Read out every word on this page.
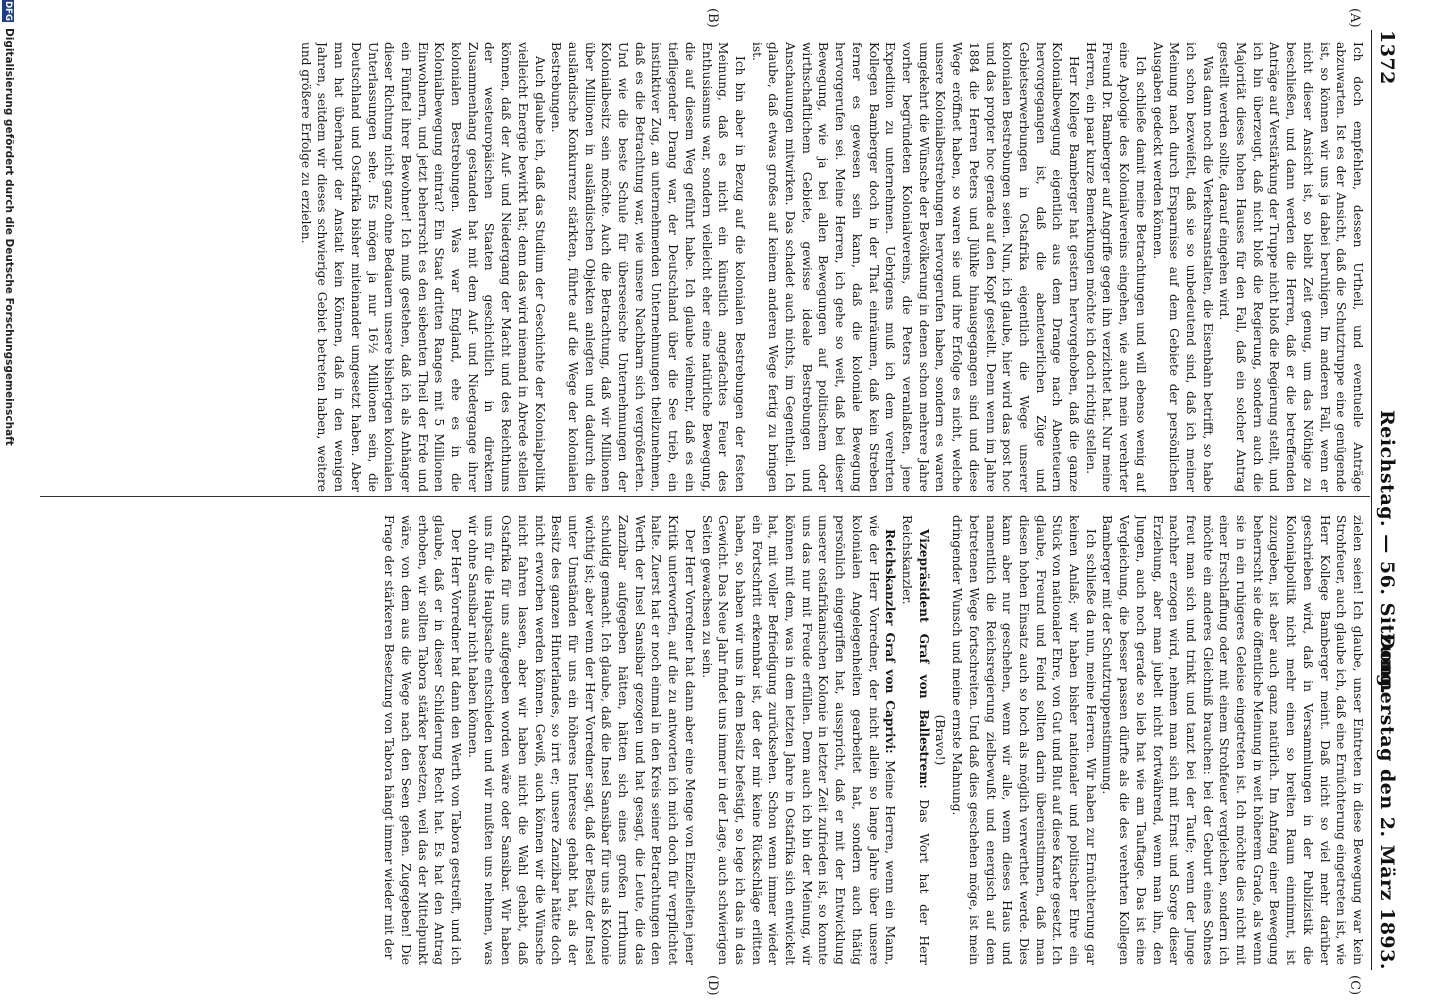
1372
Reichstag. — 56. Sitzung.
Donnerstag den 2. März 1893.
(A)
(B)
(C)
(D)

Ich doch empfehlen, dessen Urtheil, und eventuelle Anträge abzuwarten. Ist es der Ansicht, daß die Schutztruppe eine genügende ist, so können wir uns ja dabei beruhigen. Im anderen Fall, wenn er nicht dieser Ansicht ist, so bleibt Zeit genug, um das Nöthige zu beschließen, und dann werden die Herren, daß er die betreffenden Anträge auf Verstärkung der Truppe nicht bloß die Regierung stellt, und ich bin überzeugt, daß nicht bloß die Regierung, sondern auch die Majorität dieses hohen Hauses für den Fall, daß ein solcher Antrag gestellt werden sollte, darauf eingehen wird.

Was dann noch die Verkehrsanstalten, die Eisenbahn betrifft, so habe ich schon bezweifelt, daß sie so unbedeutend sind, daß ich meiner Meinung nach durch Ersparnisse auf dem Gebiete der persönlichen Ausgaben gedeckt werden können.

Ich schließe damit meine Betrachtungen und will ebenso wenig auf eine Apologie des Kolonialvereins eingehen, wie auch mein verehrter Freund Dr. Bamberger auf Angriffe gegen ihn verzichtet hat. Nur meine Herren, ein paar kurze Bemerkungen möchte ich doch richtig stellen.

Herr Kollege Bamberger hat gestern hervorgehoben, daß die ganze Kolonialbewegung eigentlich aus dem Drange nach Abenteuern hervorgegangen ist, daß die abenteuerlichen Züge und Gebietserwerbungen in Ostafrika eigentlich die Wege unserer kolonialen Bestrebungen seien. Nun, ich glaube, hier wird das post hoc und das propter hoc gerade auf den Kopf gestellt. Denn wenn im Jahre 1884 die Herren Peters und Jühlke hinausgegangen sind und diese Wege eröffnet haben, so waren sie und ihre Erfolge es nicht, welche unsere Kolonialbestrebungen hervorgerufen haben, sondern es waren umgekehrt die Wünsche der Bevölkerung in denen schon mehrere Jahre vorher begründeten Kolonialvereins, die Peters veranlaßten, jene Expedition zu unternehmen. Uebrigens muß ich dem verehrten Kollegen Bamberger doch in der That einräumen, daß kein Streben ferner es gewesen sein kann, daß die koloniale Bewegung hervorgerufen sei. Meine Herren, ich gehe so weit, daß bei dieser Bewegung, wie ja bei allen Bewegungen auf politischem oder wirthschaftlichem Gebiete, gewisse ideale Bestrebungen und Anschauungen mitwirken. Das schadet auch nichts, im Gegentheil. Ich glaube, daß etwas großes auf keinem anderen Wege fertig zu bringen ist.

Ich bin aber in Bezug auf die kolonialen Bestrebungen der festen Meinung, daß es nicht ein künstlich angefachtes Feuer des Enthusiasmus war, sondern vielleicht eher eine natürliche Bewegung, die auf diesem Weg geführt habe. Ich glaube vielmehr, daß es ein tiefliegender Drang war, der Deutschland über die See trieb, ein instinktiver Zug, an unternehmenden Unternehmungen theilzunehmen, daß es die Betrachtung war, wie unsere Nachbarn sich vergrößerten. Und wie die beste Schule für überseeische Unternehmungen der Kolonialbesitz sein möchte. Auch die Betrachtung, daß wir Millionen über Millionen in ausländischen Objekten anlegten und dadurch die ausländische Konkurrenz stärkten, führte auf die Wege der kolonialen Bestrebungen.

Auch glaube ich, daß das Studium der Geschichte der Kolonialpolitik vielleicht Energie bewirkt hat; denn das wird niemand in Abrede stellen können, daß der Auf- und Niedergang der Macht und des Reichthums der westeuropäischen Staaten geschichtlich in direktem Zusammenhang gestanden hat mit dem Auf- und Niedergange ihrer kolonialen Bestrebungen. Was war England, ehe es in die Kolonialbewegung eintrat? Ein Staat dritten Ranges mit 5 Millionen Einwohnern, und jetzt beherrscht es den siebenten Theil der Erde und ein Fünftel ihrer Bewohner! Ich muß gestehen, daß ich als Anhänger dieser Richtung nicht ganz ohne Bedauern unsere bisherigen kolonialen Unterlassungen sehe. Es mögen ja nur 16½ Millionen sein, die Deutschland und Ostafrika bisher miteinander umgesetzt haben. Aber man hat überhaupt der Anstalt kein Können, daß in den wenigen Jahren, seitdem wir dieses schwierige Gebiet betreten haben, weitere und größere Erfolge zu erzielen.

zielen seien! Ich glaube, unser Eintreten in diese Bewegung war kein Strohfeuer, auch glaube ich, daß eine Ernüchterung eingetreten ist, wie Herr Kollege Bamberger meint. Daß nicht so viel mehr darüber geschrieben wird, daß in Versammlungen in der Publizistik die Kolonialpolitik nicht mehr einen so breiten Raum einnimmt, ist zuzugeben, ist aber auch ganz natürlich. Im Anfang einer Bewegung beherrscht sie die öffentliche Meinung in weit höherem Grade, als wenn sie in ein ruhigeres Geleise eingetreten ist. Ich möchte dies nicht mit einer Erschlaffung oder mit einem Strohfeuer vergleichen, sondern ich möchte ein anderes Gleichniß brauchen: bei der Geburt eines Sohnes freut man sich und trinkt und tanzt bei der Taufe; wenn der Junge nachher erzogen wird, nehmen man sich mit Ernst und Sorge dieser Erziehung, aber man jubelt nicht fortwährend, wenn man ihn, den Jungen, auch noch gerade so lieb hat wie am Tauftage. Das ist eine Vergleichung, die besser passen dürfte als die des verehrten Kollegen Bamberger mit der Schutztruppenstimmung.

Ich schließe da nun, meine Herren. Wir haben zur Ernüchterung gar keinen Anlaß; wir haben bisher nationaler und politischer Ehre ein Stück von nationaler Ehre, von Gut und Blut auf diese Karte gesetzt. Ich glaube, Freund und Feind sollten darin übereinstimmen, daß man diesen hohen Einsatz auch so hoch als möglich verwerthet werde. Dies kann aber nur geschehen, wenn wir alle, wenn dieses Haus und namentlich die Reichsregierung zielbewußt und energisch auf dem betretenen Wege fortschreiten. Und daß dies geschehen möge, ist mein dringender Wunsch und meine ernste Mahnung.

(Bravo!)

Vizepräsident Graf von Ballestrem: Das Wort hat der Herr Reichskanzler.

Reichskanzler Graf von Caprivi: Meine Herren, wenn ein Mann, wie der Herr Vorredner, der nicht allein so lange Jahre über unsere kolonialen Angelegenheiten gearbeitet hat, sondern auch thätig persönlich eingegriffen hat, ausspricht, daß er mit der Entwicklung unserer ostafrikanischen Kolonie in letzter Zeit zufrieden ist, so konnte uns das nur mit Freude erfüllen. Denn auch ich bin der Meinung, wir können mit dem, was in dem letzten Jahre in Ostafrika sich entwickelt hat, mit voller Befriedigung zurücksehen. Schon wenn immer wieder ein Fortschritt erkennbar ist, der der mir keine Rückschläge erlitten haben, so haben wir uns in dem Besitz befestigt, so lege ich das in das Gewicht. Das Neue Jahr findet uns immer in der Lage, auch schwierigen Seiten gewachsen zu sein.

Der Herr Vorredner hat dann aber eine Menge von Einzelheiten jener Kritik unterworfen, auf die zu antworten ich mich doch für verpflichtet halte. Zuerst hat er noch einmal in den Kreis seiner Betrachtungen den Werth der Insel Sansibar gezogen und hat gesagt, die Leute, die das Zanzibar aufgegeben hätten, hätten sich eines großen Irrthums schuldig gemacht. Ich glaube, daß die Insel Sansibar für uns als Kolonie wichtig ist; aber wenn der Herr Vorredner sagt, daß der Besitz der Insel unter Umständen für uns ein höheres Interesse gehabt hat, als der Besitz des ganzen Hinterlandes, so irrt er; unsere Zanzibar hätte doch nicht erworben werden können. Gewiß, auch können wir die Wünsche nicht fahren lassen, aber wir haben nicht die Wahl gehabt, daß Ostafrika für uns aufgegeben worden wäre oder Sansibar. Wir haben uns für die Hauptsache entschieden und wir mußten uns nehmen, was wir ohne Sansibar nicht haben können.

Der Herr Vorredner hat dann den Werth von Tabora gestreift, und ich glaube, daß er in dieser Schilderung Recht hat. Es hat den Antrag erhoben, wir sollten Tabora stärker besetzen, weil das der Mittelpunkt wäre, von dem aus die Wege nach den Seen gehen. Zugegeben! Die Frage der stärkeren Besetzung von Tabora hängt immer wieder mit der

DFG
Digitalisierung gefördert durch die Deutsche Forschungsgemeinschaft
